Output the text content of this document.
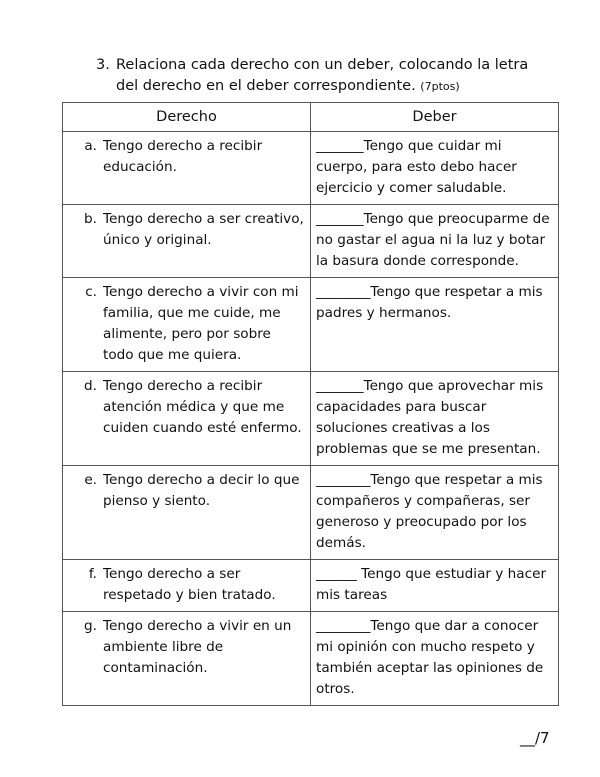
3. Relaciona cada derecho con un deber, colocando la letra
del derecho en el deber correspondiente. (7ptos)
Derecho	Deber

a. Tengo derecho a recibir educación.	_______Tengo que cuidar mi cuerpo, para esto debo hacer ejercicio y comer saludable.

b. Tengo derecho a ser creativo, único y original.	_______Tengo que preocuparme de no gastar el agua ni la luz y botar la basura donde corresponde.

c. Tengo derecho a vivir con mi familia, que me cuide, me alimente, pero por sobre todo que me quiera.	________Tengo que respetar a mis padres y hermanos.

d. Tengo derecho a recibir atención médica y que me cuiden cuando esté enfermo.	_______Tengo que aprovechar mis capacidades para buscar soluciones creativas a los problemas que se me presentan.

e. Tengo derecho a decir lo que pienso y siento.	________Tengo que respetar a mis compañeros y compañeras, ser generoso y preocupado por los demás.

f. Tengo derecho a ser respetado y bien tratado.	______ Tengo que estudiar y hacer mis tareas

g. Tengo derecho a vivir en un ambiente libre de contaminación.	________Tengo que dar a conocer mi opinión con mucho respeto y también aceptar las opiniones de otros.
__/7
